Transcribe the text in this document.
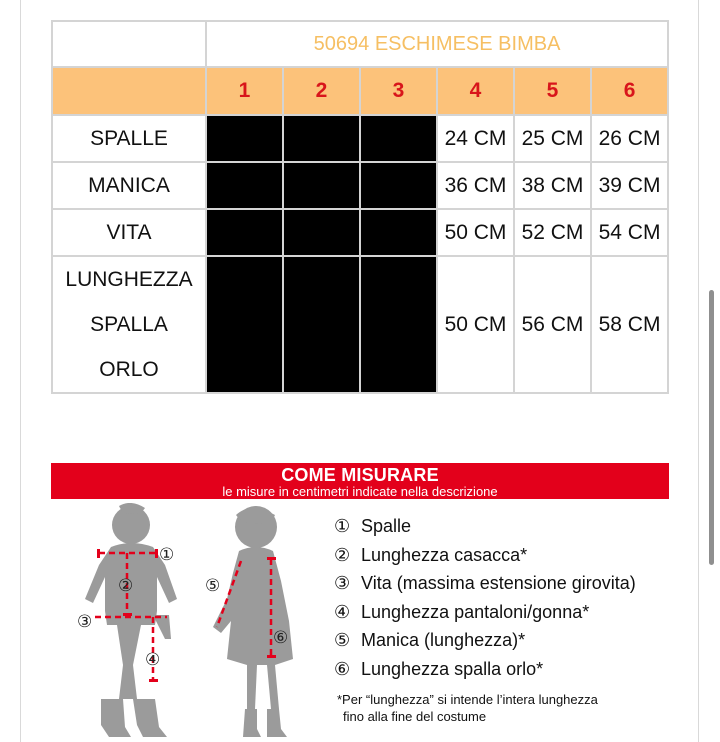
	50694 ESCHIMESE BIMBA					
	1	2	3	4	5	6
SPALLE				24 CM	25 CM	26 CM
MANICA				36 CM	38 CM	39 CM
VITA				50 CM	52 CM	54 CM

LUNGHEZZA
SPALLA
ORLO				50 CM	56 CM	58 CM
COME MISURARE
le misure in centimetri indicate nella descrizione
①
②
③
④
⑤
⑥
① Spalle
② Lunghezza casacca*
③ Vita (massima estensione girovita)
④ Lunghezza pantaloni/gonna*
⑤ Manica (lunghezza)*
⑥ Lunghezza spalla orlo*
*Per “lunghezza” si intende l’intera lunghezza
fino alla fine del costume
